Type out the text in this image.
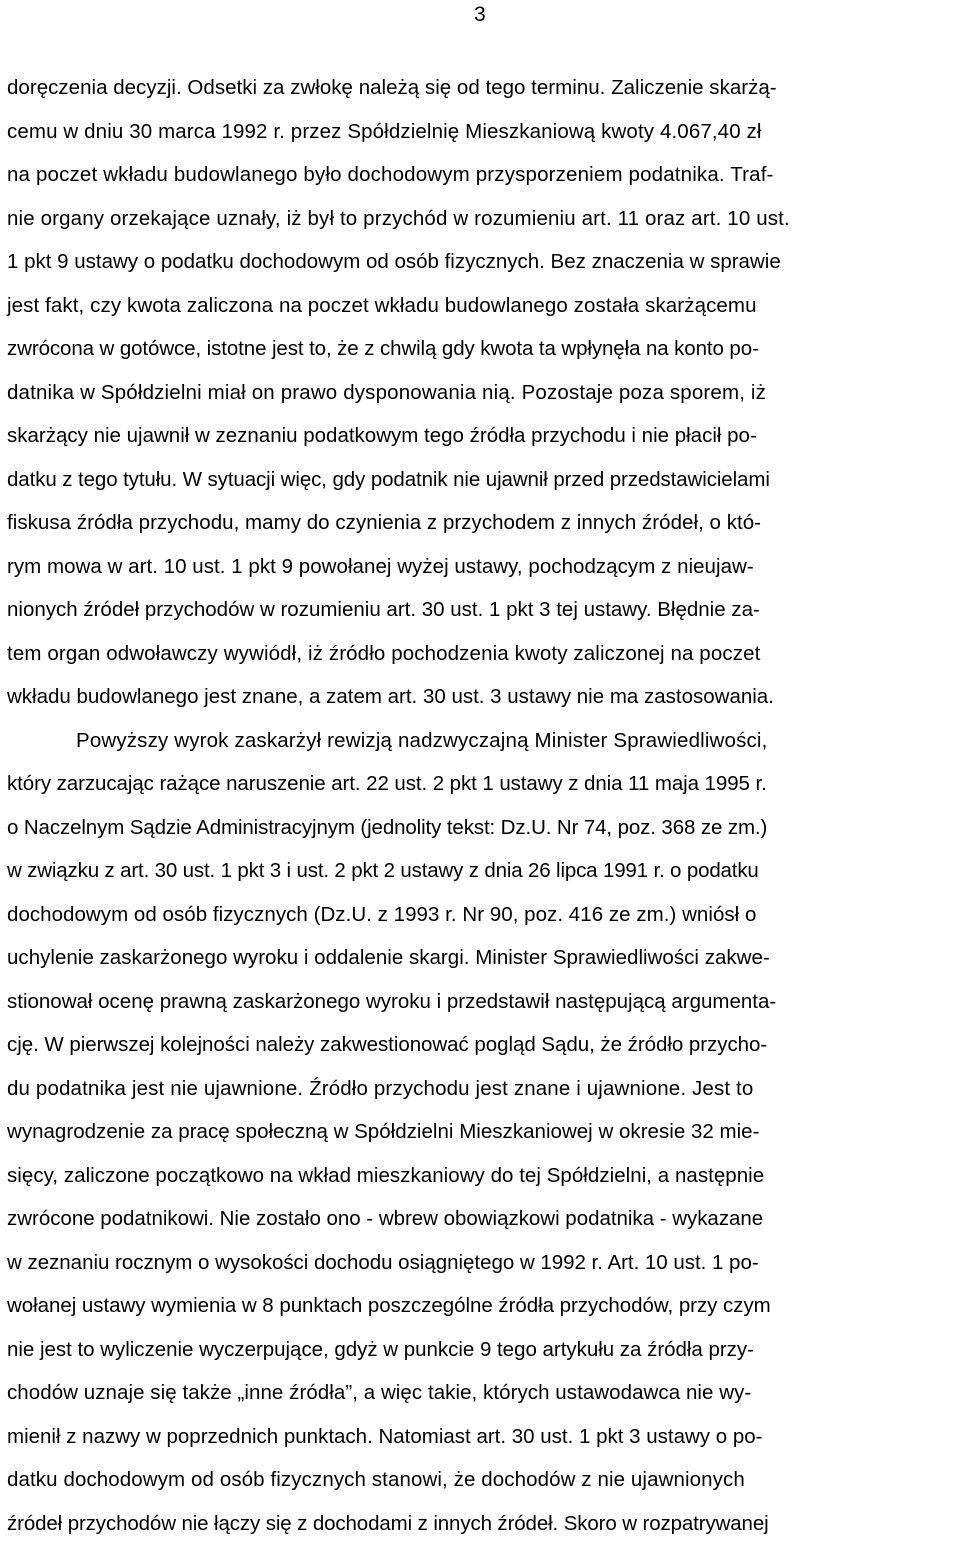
3
doręczenia decyzji. Odsetki za zwłokę należą się od tego terminu. Zaliczenie skarżą-
cemu w dniu 30 marca 1992 r. przez Spółdzielnię Mieszkaniową kwoty 4.067,40 zł
na poczet wkładu budowlanego było dochodowym przysporzeniem podatnika. Traf-
nie organy orzekające uznały, iż był to przychód w rozumieniu art. 11 oraz art. 10 ust.
1 pkt 9 ustawy o podatku dochodowym od osób fizycznych. Bez znaczenia w sprawie
jest fakt, czy kwota zaliczona na poczet wkładu budowlanego została skarżącemu
zwrócona w gotówce, istotne jest to, że z chwilą gdy kwota ta wpłynęła na konto po-
datnika w Spółdzielni miał on prawo dysponowania nią. Pozostaje poza sporem, iż
skarżący nie ujawnił w zeznaniu podatkowym tego źródła przychodu i nie płacił po-
datku z tego tytułu. W sytuacji więc, gdy podatnik nie ujawnił przed przedstawicielami
fiskusa źródła przychodu, mamy do czynienia z przychodem z innych źródeł, o któ-
rym mowa w art. 10 ust. 1 pkt 9 powołanej wyżej ustawy, pochodzącym z nieujaw-
nionych źródeł przychodów w rozumieniu art. 30 ust. 1 pkt 3 tej ustawy. Błędnie za-
tem organ odwoławczy wywiódł, iż źródło pochodzenia kwoty zaliczonej na poczet
wkładu budowlanego jest znane, a zatem art. 30 ust. 3 ustawy nie ma zastosowania.
Powyższy wyrok zaskarżył rewizją nadzwyczajną Minister Sprawiedliwości,
który zarzucając rażące naruszenie art. 22 ust. 2 pkt 1 ustawy z dnia 11 maja 1995 r.
o Naczelnym Sądzie Administracyjnym (jednolity tekst: Dz.U. Nr 74, poz. 368 ze zm.)
w związku z art. 30 ust. 1 pkt 3 i ust. 2 pkt 2 ustawy z dnia 26 lipca 1991 r. o podatku
dochodowym od osób fizycznych (Dz.U. z 1993 r. Nr 90, poz. 416 ze zm.) wniósł o
uchylenie zaskarżonego wyroku i oddalenie skargi. Minister Sprawiedliwości zakwe-
stionował ocenę prawną zaskarżonego wyroku i przedstawił następującą argumenta-
cję. W pierwszej kolejności należy zakwestionować pogląd Sądu, że źródło przycho-
du podatnika jest nie ujawnione. Źródło przychodu jest znane i ujawnione. Jest to
wynagrodzenie za pracę społeczną w Spółdzielni Mieszkaniowej w okresie 32 mie-
sięcy, zaliczone początkowo na wkład mieszkaniowy do tej Spółdzielni, a następnie
zwrócone podatnikowi. Nie zostało ono - wbrew obowiązkowi podatnika - wykazane
w zeznaniu rocznym o wysokości dochodu osiągniętego w 1992 r. Art. 10 ust. 1 po-
wołanej ustawy wymienia w 8 punktach poszczególne źródła przychodów, przy czym
nie jest to wyliczenie wyczerpujące, gdyż w punkcie 9 tego artykułu za źródła przy-
chodów uznaje się także „inne źródła”, a więc takie, których ustawodawca nie wy-
mienił z nazwy w poprzednich punktach. Natomiast art. 30 ust. 1 pkt 3 ustawy o po-
datku dochodowym od osób fizycznych stanowi, że dochodów z nie ujawnionych
źródeł przychodów nie łączy się z dochodami z innych źródeł. Skoro w rozpatrywanej
